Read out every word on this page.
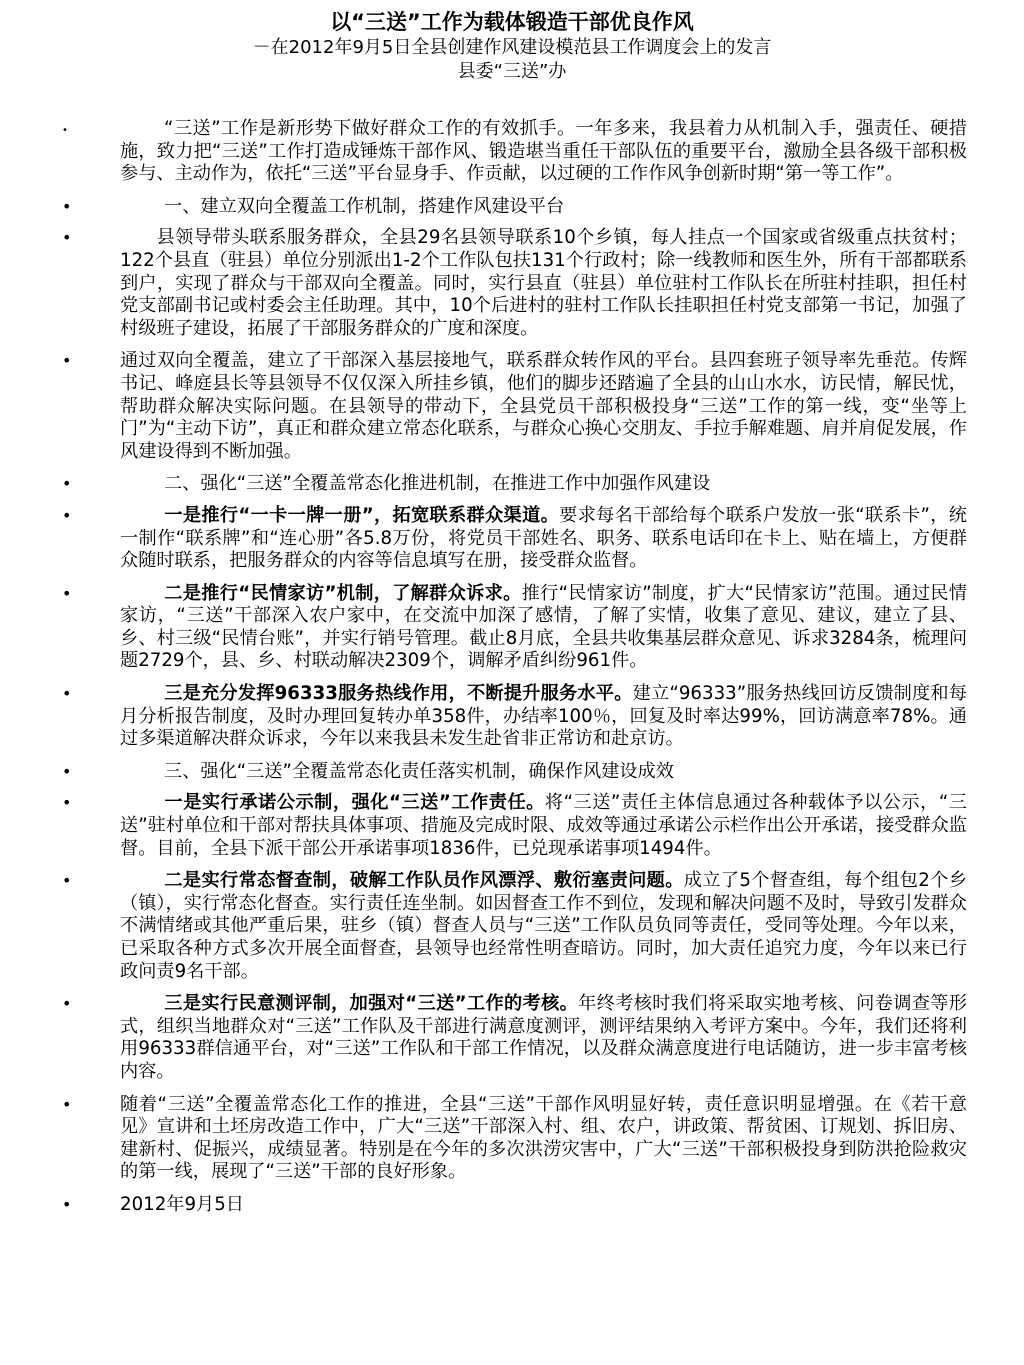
以“三送”工作为载体锻造干部优良作风

－在2012年9月5日全县创建作风建设模范县工作调度会上的发言

县委“三送”办

•	“三送”工作是新形势下做好群众工作的有效抓手。一年多来，我县着力从机制入手，强责任、硬措施，致力把“三送”工作打造成锤炼干部作风、锻造堪当重任干部队伍的重要平台，激励全县各级干部积极参与、主动作为，依托“三送”平台显身手、作贡献，以过硬的工作作风争创新时期“第一等工作”。
•	一、建立双向全覆盖工作机制，搭建作风建设平台
•	县领导带头联系服务群众，全县29名县领导联系10个乡镇，每人挂点一个国家或省级重点扶贫村；122个县直（驻县）单位分别派出1-2个工作队包扶131个行政村；除一线教师和医生外，所有干部都联系到户，实现了群众与干部双向全覆盖。同时，实行县直（驻县）单位驻村工作队长在所驻村挂职，担任村党支部副书记或村委会主任助理。其中，10个后进村的驻村工作队长挂职担任村党支部第一书记，加强了村级班子建设，拓展了干部服务群众的广度和深度。
•	通过双向全覆盖，建立了干部深入基层接地气，联系群众转作风的平台。县四套班子领导率先垂范。传辉书记、峰庭县长等县领导不仅仅深入所挂乡镇，他们的脚步还踏遍了全县的山山水水，访民情，解民忧，帮助群众解决实际问题。在县领导的带动下，全县党员干部积极投身“三送”工作的第一线，变“坐等上门”为“主动下访”，真正和群众建立常态化联系，与群众心换心交朋友、手拉手解难题、肩并肩促发展，作风建设得到不断加强。
•	二、强化“三送”全覆盖常态化推进机制，在推进工作中加强作风建设
•	一是推行“一卡一牌一册”，拓宽联系群众渠道。要求每名干部给每个联系户发放一张“联系卡”，统一制作“联系牌”和“连心册”各5.8万份，将党员干部姓名、职务、联系电话印在卡上、贴在墙上，方便群众随时联系，把服务群众的内容等信息填写在册，接受群众监督。
•	二是推行“民情家访”机制，了解群众诉求。推行“民情家访”制度，扩大“民情家访”范围。通过民情家访，“三送”干部深入农户家中，在交流中加深了感情，了解了实情，收集了意见、建议，建立了县、乡、村三级“民情台账”，并实行销号管理。截止8月底，全县共收集基层群众意见、诉求3284条，梳理问题2729个，县、乡、村联动解决2309个，调解矛盾纠纷961件。
•	三是充分发挥96333服务热线作用，不断提升服务水平。建立“96333”服务热线回访反馈制度和每月分析报告制度，及时办理回复转办单358件，办结率100％，回复及时率达99%，回访满意率78%。通过多渠道解决群众诉求，今年以来我县未发生赴省非正常访和赴京访。
•	三、强化“三送”全覆盖常态化责任落实机制，确保作风建设成效
•	一是实行承诺公示制，强化“三送”工作责任。将“三送”责任主体信息通过各种载体予以公示，“三送”驻村单位和干部对帮扶具体事项、措施及完成时限、成效等通过承诺公示栏作出公开承诺，接受群众监督。目前，全县下派干部公开承诺事项1836件，已兑现承诺事项1494件。
•	二是实行常态督查制，破解工作队员作风漂浮、敷衍塞责问题。成立了5个督查组，每个组包2个乡（镇），实行常态化督查。实行责任连坐制。如因督查工作不到位，发现和解决问题不及时，导致引发群众不满情绪或其他严重后果，驻乡（镇）督查人员与“三送”工作队员负同等责任，受同等处理。今年以来，已采取各种方式多次开展全面督查，县领导也经常性明查暗访。同时，加大责任追究力度，今年以来已行政问责9名干部。
•	三是实行民意测评制，加强对“三送”工作的考核。年终考核时我们将采取实地考核、问卷调查等形式，组织当地群众对“三送”工作队及干部进行满意度测评，测评结果纳入考评方案中。今年，我们还将利用96333群信通平台，对“三送”工作队和干部工作情况，以及群众满意度进行电话随访，进一步丰富考核内容。
•	随着“三送”全覆盖常态化工作的推进，全县“三送”干部作风明显好转，责任意识明显增强。在《若干意见》宣讲和土坯房改造工作中，广大“三送”干部深入村、组、农户，讲政策、帮贫困、订规划、拆旧房、建新村、促振兴，成绩显著。特别是在今年的多次洪涝灾害中，广大“三送”干部积极投身到防洪抢险救灾的第一线，展现了“三送”干部的良好形象。
•	2012年9月5日
